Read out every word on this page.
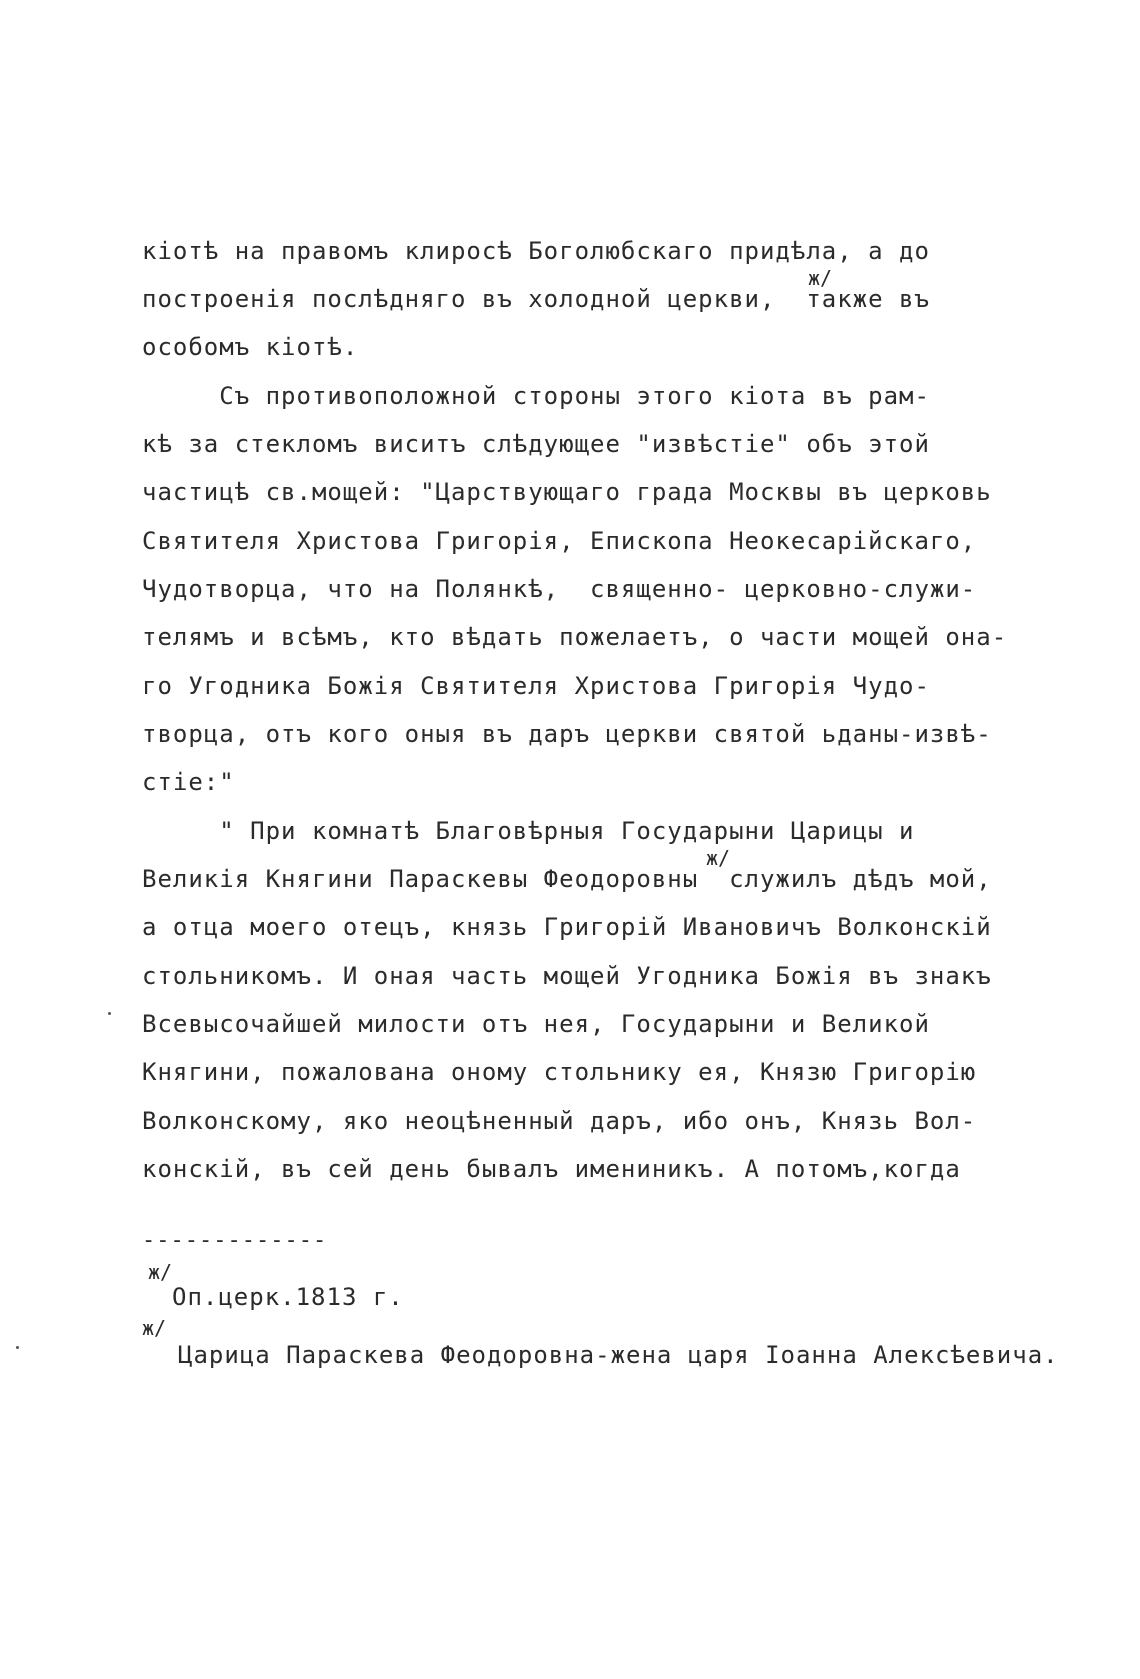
кіотѣ на правомъ клиросѣ Боголюбскаго придѣла, а до
построенія послѣдняго въ холодной церкви,  также въ
особомъ кіотѣ.
Съ противоположной стороны этого кіота въ рам-
кѣ за стекломъ виситъ слѣдующее "извѣстіе" объ этой
частицѣ св.мощей: "Царствующаго града Москвы въ церковь
Святителя Христова Григорія, Епископа Неокесарійскаго,
Чудотворца, что на Полянкѣ,  священно- церковно-служи-
телямъ и всѣмъ, кто вѣдать пожелаетъ, о части мощей она-
го Угодника Божія Святителя Христова Григорія Чудо-
творца, отъ кого оныя въ даръ церкви святой ьданы-извѣ-
стіе:"
" При комнатѣ Благовѣрныя Государыни Царицы и
Великія Княгини Параскевы Феодоровны  служилъ дѣдъ мой,
а отца моего отецъ, князь Григорій Ивановичъ Волконскій
стольникомъ. И оная часть мощей Угодника Божія въ знакъ
Всевысочайшей милости отъ нея, Государыни и Великой
Княгини, пожалована оному стольнику ея, Князю Григорію
Волконскому, яко неоцѣненный даръ, ибо онъ, Князь Вол-
конскій, въ сей день бывалъ имениникъ. А потомъ,когда
ж/
ж/
-------------
ж/
Оп.церк.1813 г.
ж/
Царица Параскева Феодоровна-жена царя Іоанна Алексѣевича.
